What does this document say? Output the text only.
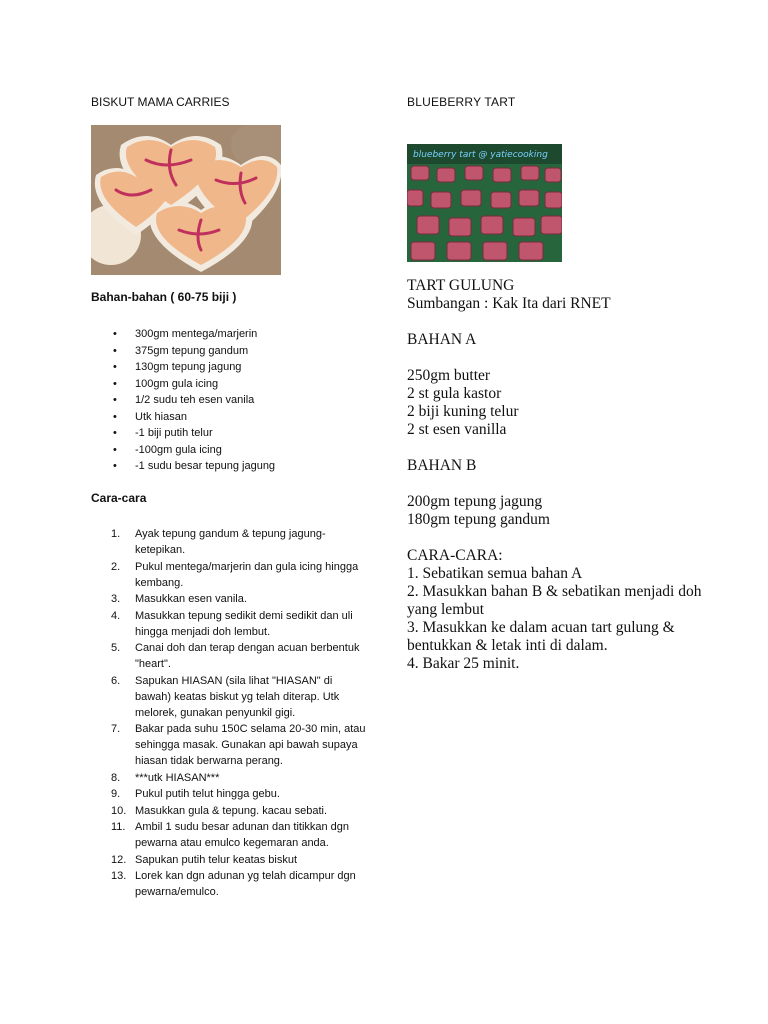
BISKUT MAMA CARRIES

Bahan-bahan ( 60-75 biji )

• 300gm mentega/marjerin
• 375gm tepung gandum
• 130gm tepung jagung
• 100gm gula icing
• 1/2 sudu teh esen vanila
• Utk hiasan
• -1 biji putih telur
• -100gm gula icing
• -1 sudu besar tepung jagung

Cara-cara

1. Ayak tepung gandum & tepung jagung- ketepikan.
2. Pukul mentega/marjerin dan gula icing hingga kembang.
3. Masukkan esen vanila.
4. Masukkan tepung sedikit demi sedikit dan uli hingga menjadi doh lembut.
5. Canai doh dan terap dengan acuan berbentuk "heart".
6. Sapukan HIASAN (sila lihat "HIASAN" di bawah) keatas biskut yg telah diterap. Utk melorek, gunakan penyunkil gigi.
7. Bakar pada suhu 150C selama 20-30 min, atau sehingga masak. Gunakan api bawah supaya hiasan tidak berwarna perang.
8. ***utk HIASAN***
9. Pukul putih telut hingga gebu.
10. Masukkan gula & tepung. kacau sebati.
11. Ambil 1 sudu besar adunan dan titikkan dgn pewarna atau emulco kegemaran anda.
12. Sapukan putih telur keatas biskut
13. Lorek kan dgn adunan yg telah dicampur dgn pewarna/emulco.

BLUEBERRY TART

blueberry tart @ yatiecooking

TART GULUNG

Sumbangan : Kak Ita dari RNET

BAHAN A

250gm butter

2 st gula kastor

2 biji kuning telur

2 st esen vanilla

BAHAN B

200gm tepung jagung

180gm tepung gandum

CARA-CARA:

1. Sebatikan semua bahan A

2. Masukkan bahan B & sebatikan menjadi doh yang lembut

3. Masukkan ke dalam acuan tart gulung & bentukkan & letak inti di dalam.

4. Bakar 25 minit.
